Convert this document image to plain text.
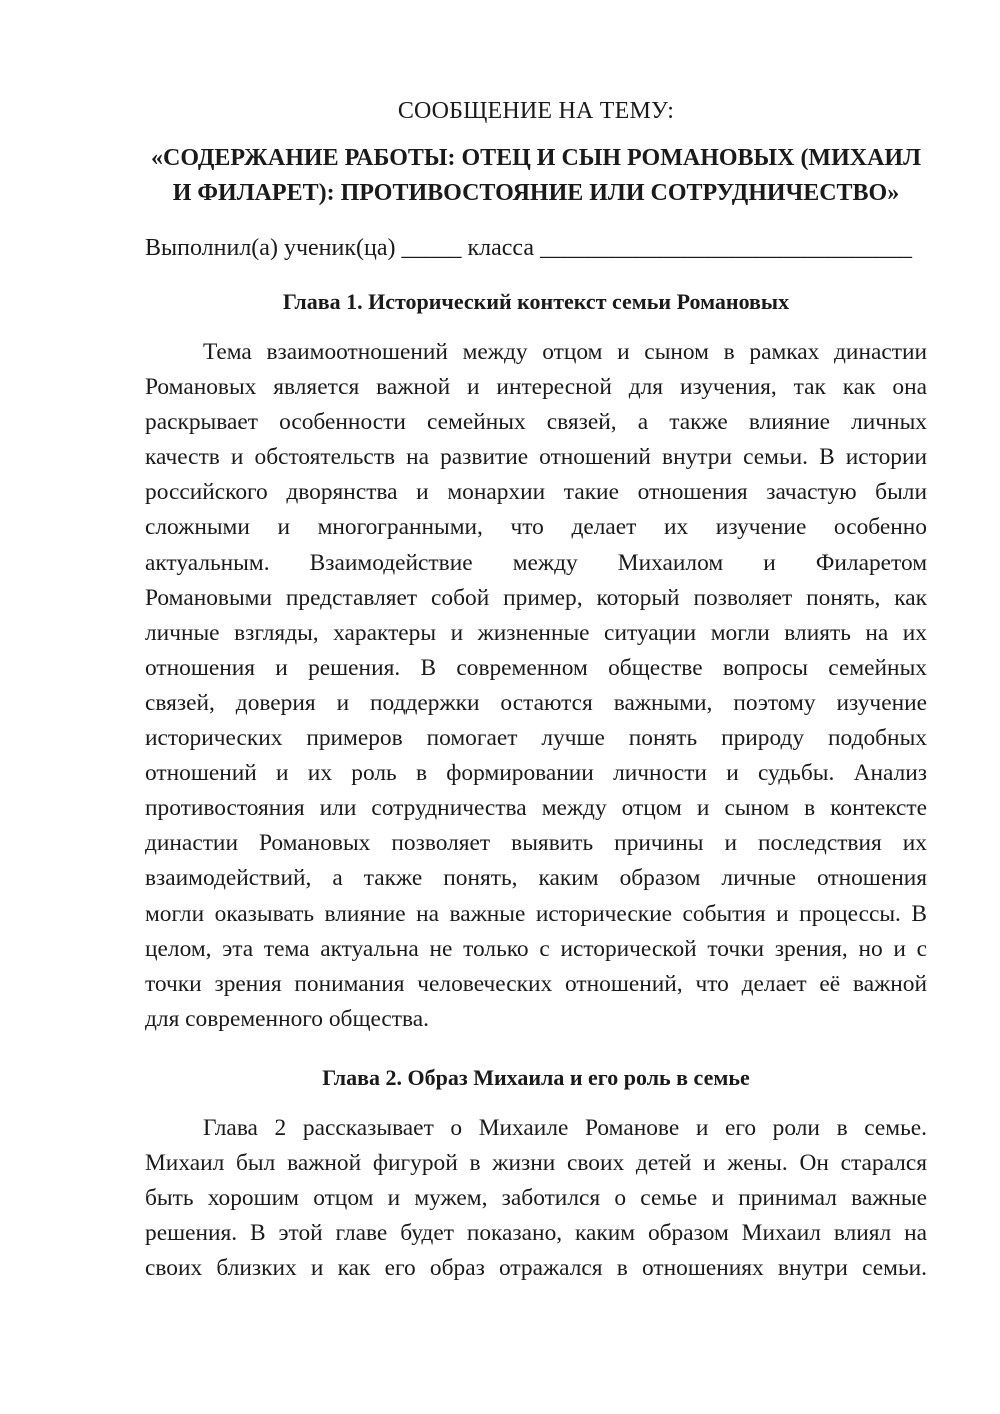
СООБЩЕНИЕ НА ТЕМУ:
«СОДЕРЖАНИЕ РАБОТЫ: ОТЕЦ И СЫН РОМАНОВЫХ (МИХАИЛ
И ФИЛАРЕТ): ПРОТИВОСТОЯНИЕ ИЛИ СОТРУДНИЧЕСТВО»
Выполнил(а) ученик(ца) _____ класса _______________________________
Глава 1. Исторический контекст семьи Романовых
Тема взаимоотношений между отцом и сыном в рамках династии
Романовых является важной и интересной для изучения, так как она
раскрывает особенности семейных связей, а также влияние личных
качеств и обстоятельств на развитие отношений внутри семьи. В истории
российского дворянства и монархии такие отношения зачастую были
сложными и многогранными, что делает их изучение особенно
актуальным. Взаимодействие между Михаилом и Филаретом
Романовыми представляет собой пример, который позволяет понять, как
личные взгляды, характеры и жизненные ситуации могли влиять на их
отношения и решения. В современном обществе вопросы семейных
связей, доверия и поддержки остаются важными, поэтому изучение
исторических примеров помогает лучше понять природу подобных
отношений и их роль в формировании личности и судьбы. Анализ
противостояния или сотрудничества между отцом и сыном в контексте
династии Романовых позволяет выявить причины и последствия их
взаимодействий, а также понять, каким образом личные отношения
могли оказывать влияние на важные исторические события и процессы. В
целом, эта тема актуальна не только с исторической точки зрения, но и с
точки зрения понимания человеческих отношений, что делает её важной
для современного общества.
Глава 2. Образ Михаила и его роль в семье
Глава 2 рассказывает о Михаиле Романове и его роли в семье.
Михаил был важной фигурой в жизни своих детей и жены. Он старался
быть хорошим отцом и мужем, заботился о семье и принимал важные
решения. В этой главе будет показано, каким образом Михаил влиял на
своих близких и как его образ отражался в отношениях внутри семьи.
